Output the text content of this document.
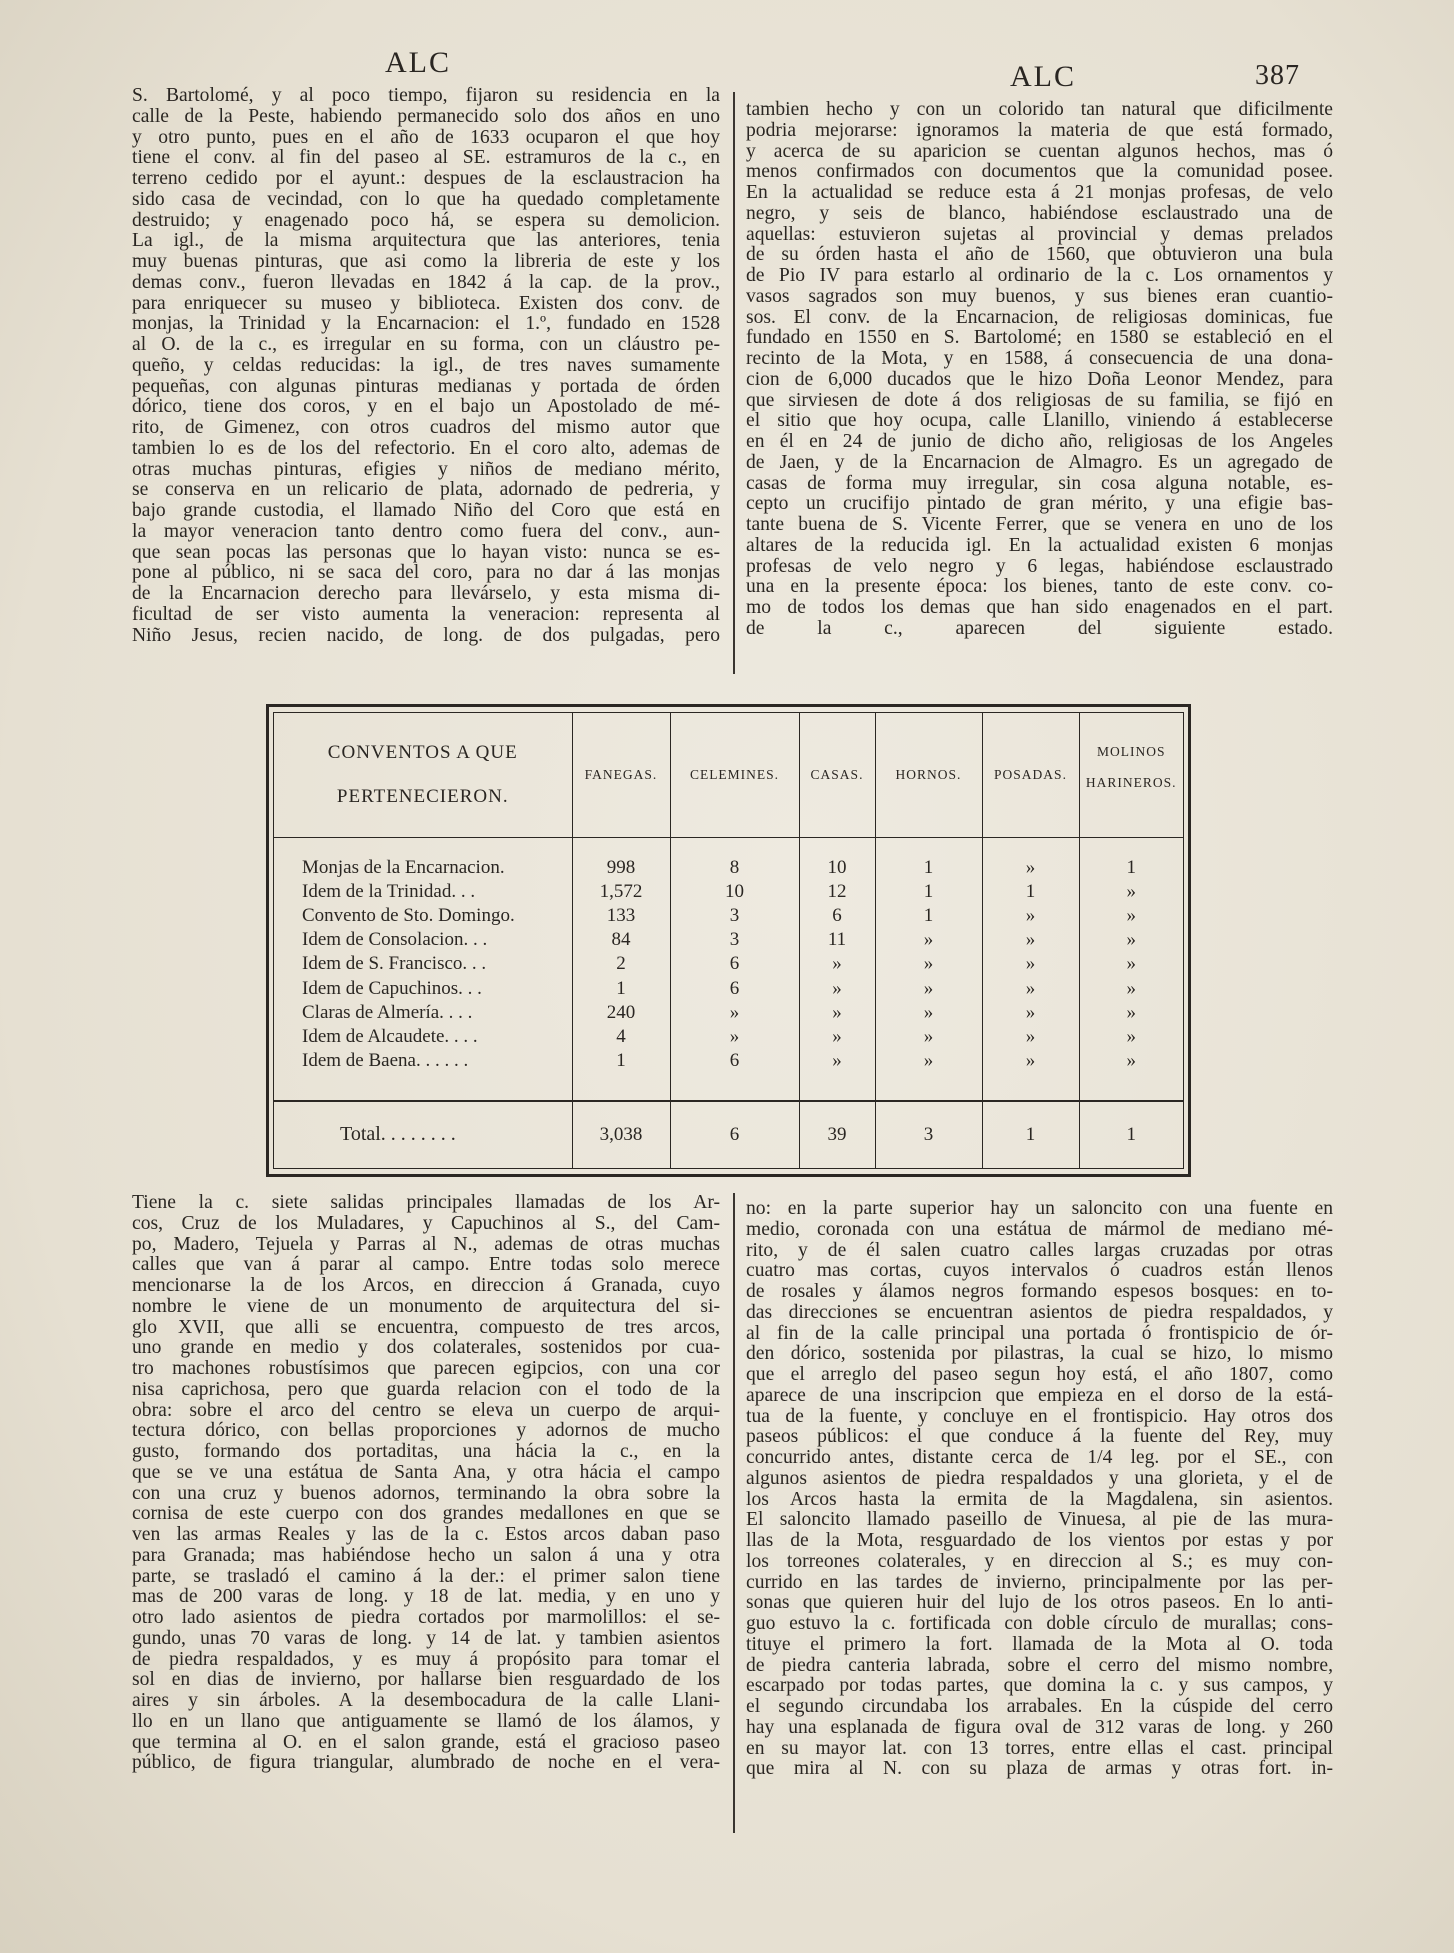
ALC	ALC	387
S. Bartolomé, y al poco tiempo, fijaron su residencia en la
calle de la Peste, habiendo permanecido solo dos años en uno
y otro punto, pues en el año de 1633 ocuparon el que hoy
tiene el conv. al fin del paseo al SE. estramuros de la c., en
terreno cedido por el ayunt.: despues de la esclaustracion ha
sido casa de vecindad, con lo que ha quedado completamente
destruido; y enagenado poco há, se espera su demolicion.
La igl., de la misma arquitectura que las anteriores, tenia
muy buenas pinturas, que asi como la libreria de este y los
demas conv., fueron llevadas en 1842 á la cap. de la prov.,
para enriquecer su museo y biblioteca. Existen dos conv. de
monjas, la Trinidad y la Encarnacion: el 1.º, fundado en 1528
al O. de la c., es irregular en su forma, con un cláustro pe-
queño, y celdas reducidas: la igl., de tres naves sumamente
pequeñas, con algunas pinturas medianas y portada de órden
dórico, tiene dos coros, y en el bajo un Apostolado de mé-
rito, de Gimenez, con otros cuadros del mismo autor que
tambien lo es de los del refectorio. En el coro alto, ademas de
otras muchas pinturas, efigies y niños de mediano mérito,
se conserva en un relicario de plata, adornado de pedreria, y
bajo grande custodia, el llamado Niño del Coro que está en
la mayor veneracion tanto dentro como fuera del conv., aun-
que sean pocas las personas que lo hayan visto: nunca se es-
pone al público, ni se saca del coro, para no dar á las monjas
de la Encarnacion derecho para llevárselo, y esta misma di-
ficultad de ser visto aumenta la veneracion: representa al
Niño Jesus, recien nacido, de long. de dos pulgadas, pero
tambien hecho y con un colorido tan natural que dificilmente
podria mejorarse: ignoramos la materia de que está formado,
y acerca de su aparicion se cuentan algunos hechos, mas ó
menos confirmados con documentos que la comunidad posee.
En la actualidad se reduce esta á 21 monjas profesas, de velo
negro, y seis de blanco, habiéndose esclaustrado una de
aquellas: estuvieron sujetas al provincial y demas prelados
de su órden hasta el año de 1560, que obtuvieron una bula
de Pio IV para estarlo al ordinario de la c. Los ornamentos y
vasos sagrados son muy buenos, y sus bienes eran cuantio-
sos. El conv. de la Encarnacion, de religiosas dominicas, fue
fundado en 1550 en S. Bartolomé; en 1580 se estableció en el
recinto de la Mota, y en 1588, á consecuencia de una dona-
cion de 6,000 ducados que le hizo Doña Leonor Mendez, para
que sirviesen de dote á dos religiosas de su familia, se fijó en
el sitio que hoy ocupa, calle Llanillo, viniendo á establecerse
en él en 24 de junio de dicho año, religiosas de los Angeles
de Jaen, y de la Encarnacion de Almagro. Es un agregado de
casas de forma muy irregular, sin cosa alguna notable, es-
cepto un crucifijo pintado de gran mérito, y una efigie bas-
tante buena de S. Vicente Ferrer, que se venera en uno de los
altares de la reducida igl. En la actualidad existen 6 monjas
profesas de velo negro y 6 legas, habiéndose esclaustrado
una en la presente época: los bienes, tanto de este conv. co-
mo de todos los demas que han sido enagenados en el part.
de la c., aparecen del siguiente estado.
CONVENTOS A QUE
PERTENECIERON.	FANEGAS.	CELEMINES.	CASAS.	HORNOS.	POSADAS.	MOLINOS
HARINEROS.

Monjas de la Encarnacion.	998	8	10	1	»	1
Idem de la Trinidad. . .	1,572	10	12	1	1	»
Convento de Sto. Domingo.	133	3	6	1	»	»
Idem de Consolacion. . .	84	3	11	»	»	»
Idem de S. Francisco. . .	2	6	»	»	»	»
Idem de Capuchinos. . .	1	6	»	»	»	»
Claras de Almería. . . .	240	»	»	»	»	»
Idem de Alcaudete. . . .	4	»	»	»	»	»
Idem de Baena. . . . . .	1	6	»	»	»	»

Total. . . . . . . .	3,038	6	39	3	1	1
Tiene la c. siete salidas principales llamadas de los Ar-
cos, Cruz de los Muladares, y Capuchinos al S., del Cam-
po, Madero, Tejuela y Parras al N., ademas de otras muchas
calles que van á parar al campo. Entre todas solo merece
mencionarse la de los Arcos, en direccion á Granada, cuyo
nombre le viene de un monumento de arquitectura del si-
glo XVII, que alli se encuentra, compuesto de tres arcos,
uno grande en medio y dos colaterales, sostenidos por cua-
tro machones robustísimos que parecen egipcios, con una cor
nisa caprichosa, pero que guarda relacion con el todo de la
obra: sobre el arco del centro se eleva un cuerpo de arqui-
tectura dórico, con bellas proporciones y adornos de mucho
gusto, formando dos portaditas, una hácia la c., en la
que se ve una estátua de Santa Ana, y otra hácia el campo
con una cruz y buenos adornos, terminando la obra sobre la
cornisa de este cuerpo con dos grandes medallones en que se
ven las armas Reales y las de la c. Estos arcos daban paso
para Granada; mas habiéndose hecho un salon á una y otra
parte, se trasladó el camino á la der.: el primer salon tiene
mas de 200 varas de long. y 18 de lat. media, y en uno y
otro lado asientos de piedra cortados por marmolillos: el se-
gundo, unas 70 varas de long. y 14 de lat. y tambien asientos
de piedra respaldados, y es muy á propósito para tomar el
sol en dias de invierno, por hallarse bien resguardado de los
aires y sin árboles. A la desembocadura de la calle Llani-
llo en un llano que antiguamente se llamó de los álamos, y
que termina al O. en el salon grande, está el gracioso paseo
público, de figura triangular, alumbrado de noche en el vera-
no: en la parte superior hay un saloncito con una fuente en
medio, coronada con una estátua de mármol de mediano mé-
rito, y de él salen cuatro calles largas cruzadas por otras
cuatro mas cortas, cuyos intervalos ó cuadros están llenos
de rosales y álamos negros formando espesos bosques: en to-
das direcciones se encuentran asientos de piedra respaldados, y
al fin de la calle principal una portada ó frontispicio de ór-
den dórico, sostenida por pilastras, la cual se hizo, lo mismo
que el arreglo del paseo segun hoy está, el año 1807, como
aparece de una inscripcion que empieza en el dorso de la está-
tua de la fuente, y concluye en el frontispicio. Hay otros dos
paseos públicos: el que conduce á la fuente del Rey, muy
concurrido antes, distante cerca de 1/4 leg. por el SE., con
algunos asientos de piedra respaldados y una glorieta, y el de
los Arcos hasta la ermita de la Magdalena, sin asientos.
El saloncito llamado paseillo de Vinuesa, al pie de las mura-
llas de la Mota, resguardado de los vientos por estas y por
los torreones colaterales, y en direccion al S.; es muy con-
currido en las tardes de invierno, principalmente por las per-
sonas que quieren huir del lujo de los otros paseos. En lo anti-
guo estuvo la c. fortificada con doble círculo de murallas; cons-
tituye el primero la fort. llamada de la Mota al O. toda
de piedra canteria labrada, sobre el cerro del mismo nombre,
escarpado por todas partes, que domina la c. y sus campos, y
el segundo circundaba los arrabales. En la cúspide del cerro
hay una esplanada de figura oval de 312 varas de long. y 260
en su mayor lat. con 13 torres, entre ellas el cast. principal
que mira al N. con su plaza de armas y otras fort. in-
